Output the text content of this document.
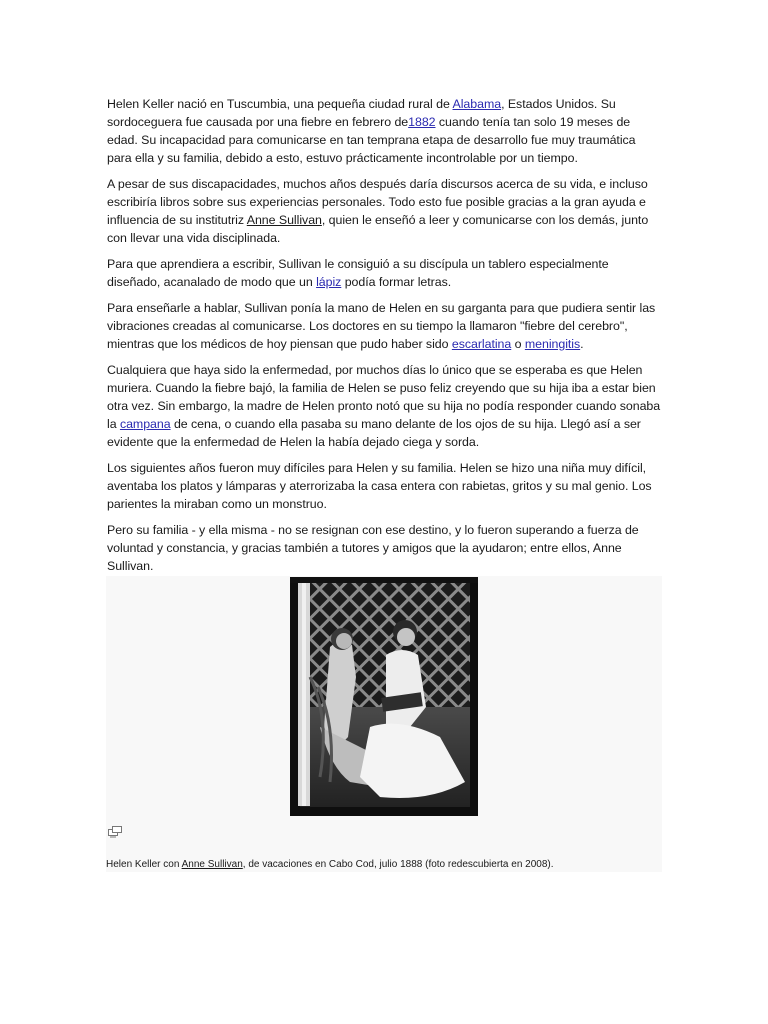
Helen Keller nació en Tuscumbia, una pequeña ciudad rural de Alabama, Estados Unidos. Su sordoceguera fue causada por una fiebre en febrero de1882 cuando tenía tan solo 19 meses de edad. Su incapacidad para comunicarse en tan temprana etapa de desarrollo fue muy traumática para ella y su familia, debido a esto, estuvo prácticamente incontrolable por un tiempo.

A pesar de sus discapacidades, muchos años después daría discursos acerca de su vida, e incluso escribiría libros sobre sus experiencias personales. Todo esto fue posible gracias a la gran ayuda e influencia de su institutriz Anne Sullivan, quien le enseñó a leer y comunicarse con los demás, junto con llevar una vida disciplinada.

Para que aprendiera a escribir, Sullivan le consiguió a su discípula un tablero especialmente diseñado, acanalado de modo que un lápiz podía formar letras.

Para enseñarle a hablar, Sullivan ponía la mano de Helen en su garganta para que pudiera sentir las vibraciones creadas al comunicarse. Los doctores en su tiempo la llamaron "fiebre del cerebro", mientras que los médicos de hoy piensan que pudo haber sido escarlatina o meningitis.

Cualquiera que haya sido la enfermedad, por muchos días lo único que se esperaba es que Helen muriera. Cuando la fiebre bajó, la familia de Helen se puso feliz creyendo que su hija iba a estar bien otra vez. Sin embargo, la madre de Helen pronto notó que su hija no podía responder cuando sonaba la campana de cena, o cuando ella pasaba su mano delante de los ojos de su hija. Llegó así a ser evidente que la enfermedad de Helen la había dejado ciega y sorda.

Los siguientes años fueron muy difíciles para Helen y su familia. Helen se hizo una niña muy difícil, aventaba los platos y lámparas y aterrorizaba la casa entera con rabietas, gritos y su mal genio. Los parientes la miraban como un monstruo.

Pero su familia - y ella misma - no se resignan con ese destino, y lo fueron superando a fuerza de voluntad y constancia, y gracias también a tutores y amigos que la ayudaron; entre ellos, Anne Sullivan.

Helen Keller con Anne Sullivan, de vacaciones en Cabo Cod, julio 1888 (foto redescubierta en 2008).
